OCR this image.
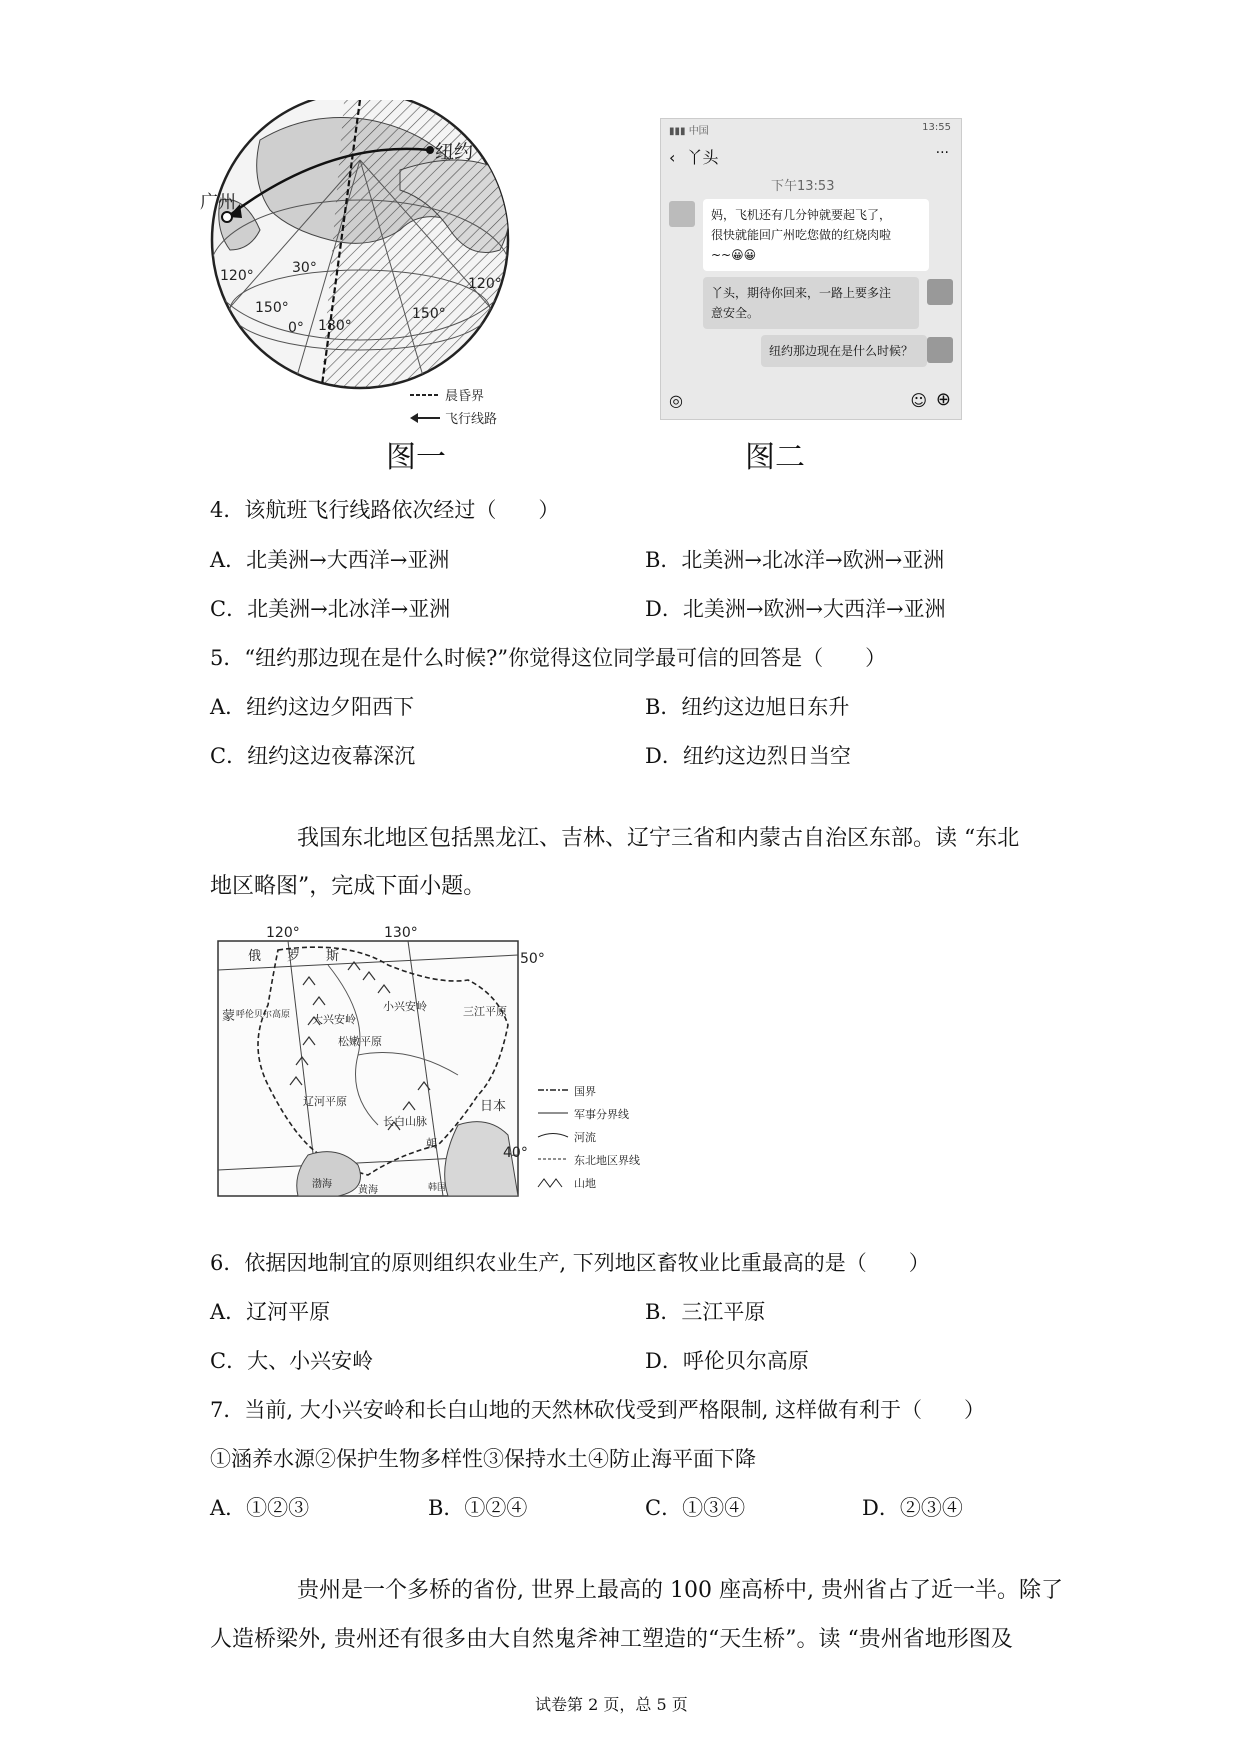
纽约
广州
120°	30°
150°
0° 180°
150°
120°
晨昏界
飞行线路
图一
▮▮▮ 中国	13:55
‹ 丫头	···
下午13:53
妈，飞机还有几分钟就要起飞了，
很快就能回广州吃您做的红烧肉啦
~~😀😀
丫头，期待你回来，一路上要多注
意安全。
纽约那边现在是什么时候？
◎	☺ ⊕
图二
4．该航班飞行线路依次经过（　　）
A．北美洲→大西洋→亚洲	B．北美洲→北冰洋→欧洲→亚洲
C．北美洲→北冰洋→亚洲	D．北美洲→欧洲→大西洋→亚洲
5．“纽约那边现在是什么时候?”你觉得这位同学最可信的回答是（　　）
A．纽约这边夕阳西下	B．纽约这边旭日东升
C．纽约这边夜幕深沉	D．纽约这边烈日当空
我国东北地区包括黑龙江、吉林、辽宁三省和内蒙古自治区东部。读 “东北
地区略图”，完成下面小题。
120°	130°
50°
40°
俄　　罗　　斯
蒙 呼伦贝尔高原 大兴安岭
小兴安岭
松嫩平原
三江平原
辽河平原
长白山脉
朝
韩国
日本
渤海
黄海
国界
军事分界线
河流
东北地区界线
山地
6．依据因地制宜的原则组织农业生产, 下列地区畜牧业比重最高的是（　　）
A．辽河平原	B．三江平原
C．大、小兴安岭	D．呼伦贝尔高原
7．当前, 大小兴安岭和长白山地的天然林砍伐受到严格限制, 这样做有利于（　　）
①涵养水源②保护生物多样性③保持水土④防止海平面下降
A．①②③	B．①②④	C．①③④	D．②③④
贵州是一个多桥的省份, 世界上最高的 100 座高桥中, 贵州省占了近一半。除了
人造桥梁外, 贵州还有很多由大自然鬼斧神工塑造的“天生桥”。读 “贵州省地形图及
试卷第 2 页，总 5 页
